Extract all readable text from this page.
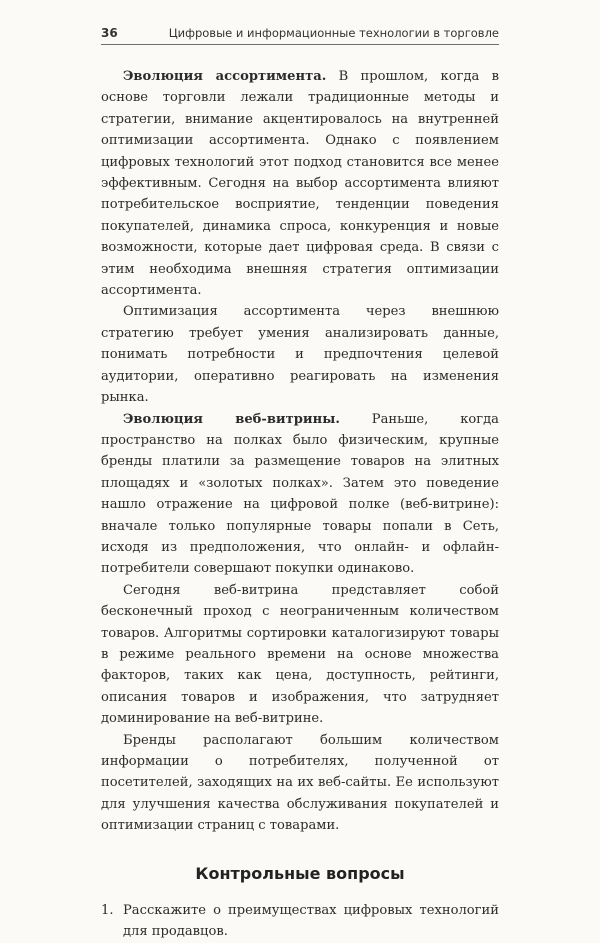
36	Цифровые и информационные технологии в торговле

Эволюция ассортимента. В прошлом, когда в основе торговли лежали традиционные методы и стратегии, внимание акцентировалось на внутренней оптимизации ассортимента. Однако с появлением цифровых технологий этот подход становится все менее эффективным. Сегодня на выбор ассортимента влияют потребительское восприятие, тенденции поведения покупателей, динамика спроса, конкуренция и новые возможности, которые дает цифровая среда. В связи с этим необходима внешняя стратегия оптимизации ассортимента.

Оптимизация ассортимента через внешнюю стратегию требует умения анализировать данные, понимать потребности и предпочтения целевой аудитории, оперативно реагировать на изменения рынка.

Эволюция веб-витрины. Раньше, когда пространство на полках было физическим, крупные бренды платили за размещение товаров на элитных площадях и «золотых полках». Затем это поведение нашло отражение на цифровой полке (веб-витрине): вначале только популярные товары попали в Сеть, исходя из предположения, что онлайн- и офлайн-потребители совершают покупки одинаково.

Сегодня веб-витрина представляет собой бесконечный проход с неограниченным количеством товаров. Алгоритмы сортировки каталогизируют товары в режиме реального времени на основе множества факторов, таких как цена, доступность, рейтинги, описания товаров и изображения, что затрудняет доминирование на веб-витрине.

Бренды располагают большим количеством информации о потребителях, полученной от посетителей, заходящих на их веб-сайты. Ее используют для улучшения качества обслуживания покупателей и оптимизации страниц с товарами.

Контрольные вопросы
1. Расскажите о преимуществах цифровых технологий для продавцов.
